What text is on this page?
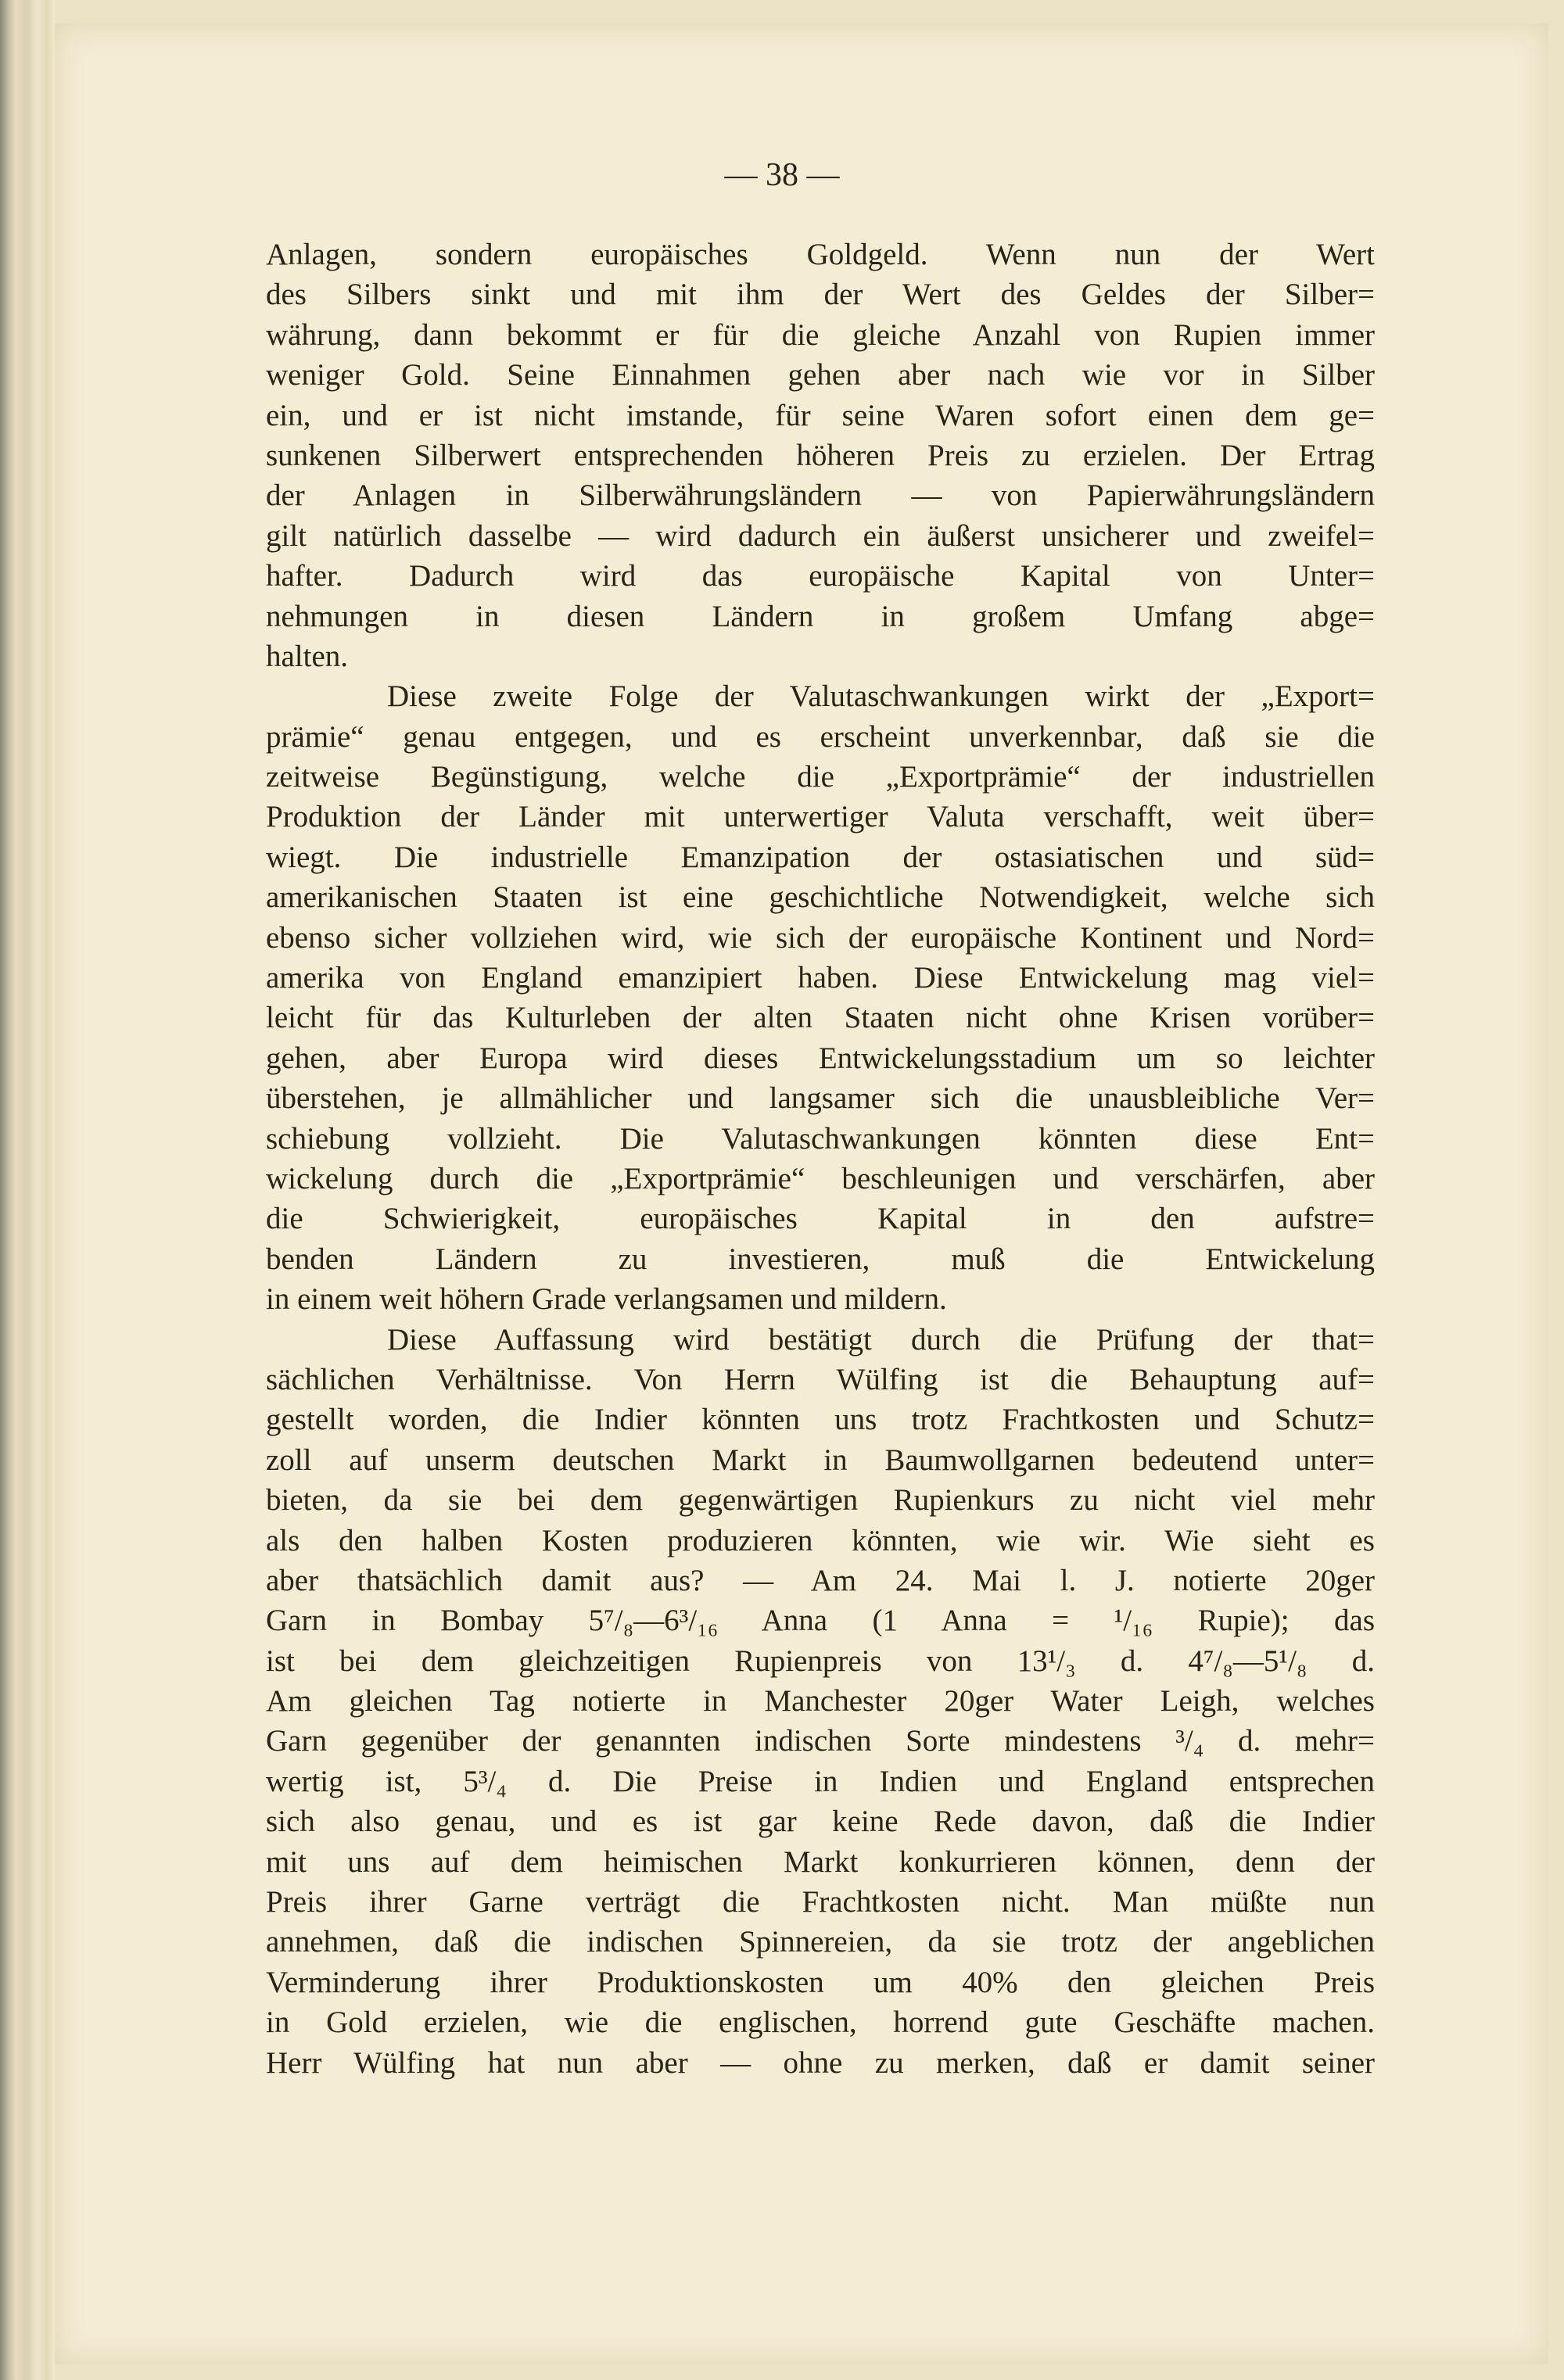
— 38 —
Anlagen, sondern europäisches Goldgeld. Wenn nun der Wert
des Silbers sinkt und mit ihm der Wert des Geldes der Silber=
währung, dann bekommt er für die gleiche Anzahl von Rupien immer
weniger Gold. Seine Einnahmen gehen aber nach wie vor in Silber
ein, und er ist nicht imstande, für seine Waren sofort einen dem ge=
sunkenen Silberwert entsprechenden höheren Preis zu erzielen. Der Ertrag
der Anlagen in Silberwährungsländern — von Papierwährungsländern
gilt natürlich dasselbe — wird dadurch ein äußerst unsicherer und zweifel=
hafter. Dadurch wird das europäische Kapital von Unter=
nehmungen in diesen Ländern in großem Umfang abge=
halten.
Diese zweite Folge der Valutaschwankungen wirkt der „Export=
prämie“ genau entgegen, und es erscheint unverkennbar, daß sie die
zeitweise Begünstigung, welche die „Exportprämie“ der industriellen
Produktion der Länder mit unterwertiger Valuta verschafft, weit über=
wiegt. Die industrielle Emanzipation der ostasiatischen und süd=
amerikanischen Staaten ist eine geschichtliche Notwendigkeit, welche sich
ebenso sicher vollziehen wird, wie sich der europäische Kontinent und Nord=
amerika von England emanzipiert haben. Diese Entwickelung mag viel=
leicht für das Kulturleben der alten Staaten nicht ohne Krisen vorüber=
gehen, aber Europa wird dieses Entwickelungsstadium um so leichter
überstehen, je allmählicher und langsamer sich die unausbleibliche Ver=
schiebung vollzieht. Die Valutaschwankungen könnten diese Ent=
wickelung durch die „Exportprämie“ beschleunigen und verschärfen, aber
die Schwierigkeit, europäisches Kapital in den aufstre=
benden Ländern zu investieren, muß die Entwickelung
in einem weit höhern Grade verlangsamen und mildern.
Diese Auffassung wird bestätigt durch die Prüfung der that=
sächlichen Verhältnisse. Von Herrn Wülfing ist die Behauptung auf=
gestellt worden, die Indier könnten uns trotz Frachtkosten und Schutz=
zoll auf unserm deutschen Markt in Baumwollgarnen bedeutend unter=
bieten, da sie bei dem gegenwärtigen Rupienkurs zu nicht viel mehr
als den halben Kosten produzieren könnten, wie wir. Wie sieht es
aber thatsächlich damit aus? — Am 24. Mai l. J. notierte 20ger
Garn in Bombay 5⁷/₈—6³/₁₆ Anna (1 Anna = ¹/₁₆ Rupie); das
ist bei dem gleichzeitigen Rupienpreis von 13¹/₃ d. 4⁷/₈—5¹/₈ d.
Am gleichen Tag notierte in Manchester 20ger Water Leigh, welches
Garn gegenüber der genannten indischen Sorte mindestens ³/₄ d. mehr=
wertig ist, 5³/₄ d. Die Preise in Indien und England entsprechen
sich also genau, und es ist gar keine Rede davon, daß die Indier
mit uns auf dem heimischen Markt konkurrieren können, denn der
Preis ihrer Garne verträgt die Frachtkosten nicht. Man müßte nun
annehmen, daß die indischen Spinnereien, da sie trotz der angeblichen
Verminderung ihrer Produktionskosten um 40% den gleichen Preis
in Gold erzielen, wie die englischen, horrend gute Geschäfte machen.
Herr Wülfing hat nun aber — ohne zu merken, daß er damit seiner
